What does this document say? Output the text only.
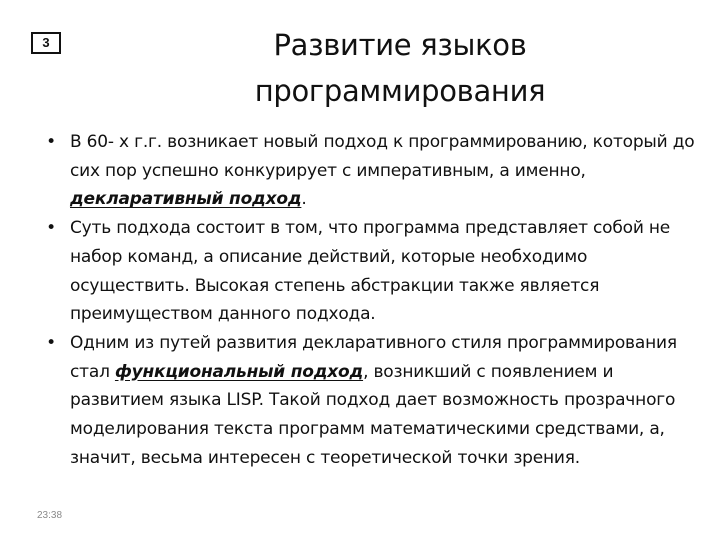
3	Развитие языков
программирования
• В 60- х г.г. возникает новый подход к программированию, который до сих пор успешно конкурирует с императивным, а именно, декларативный подход.
• Суть подхода состоит в том, что программа представляет собой не набор команд, а описание действий, которые необходимо осуществить. Высокая степень абстракции также является преимуществом данного подхода.
• Одним из путей развития декларативного стиля программирования стал функциональный подход, возникший с появлением и развитием языка LISP. Такой подход дает возможность прозрачного моделирования текста программ математическими средствами, а, значит, весьма интересен с теоретической точки зрения.
23:38
